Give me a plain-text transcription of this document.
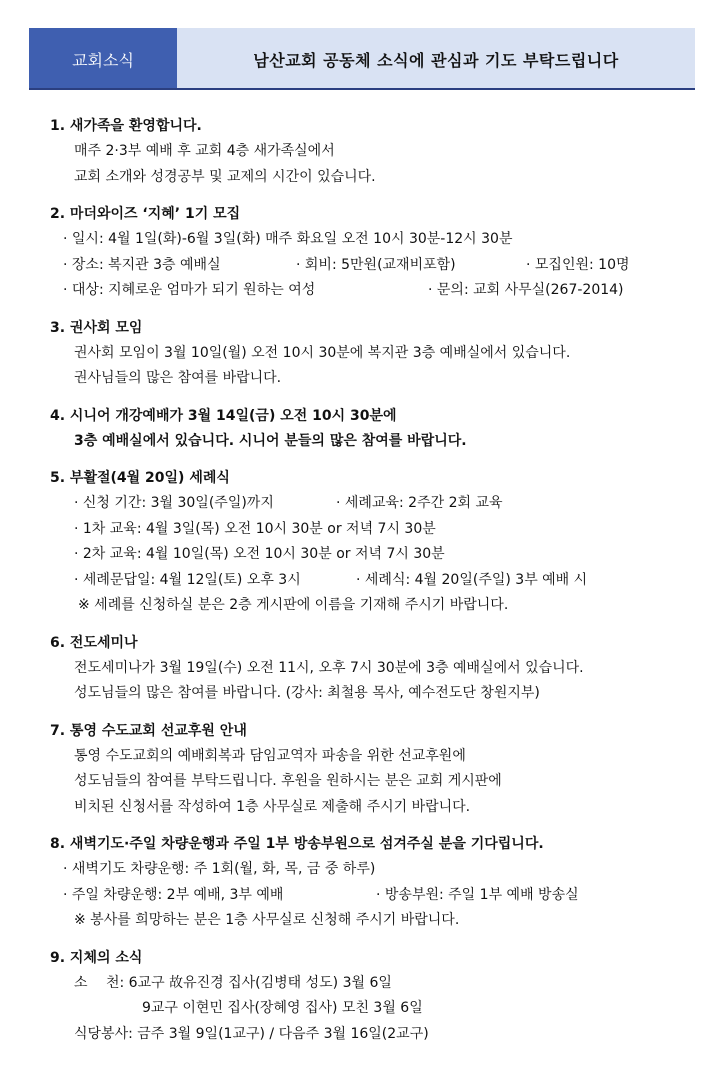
교회소식	남산교회 공동체 소식에 관심과 기도 부탁드립니다
1. 새가족을 환영합니다.
매주 2·3부 예배 후 교회 4층 새가족실에서
교회 소개와 성경공부 및 교제의 시간이 있습니다.
2. 마더와이즈 ‘지혜’ 1기 모집
· 일시: 4월 1일(화)-6월 3일(화) 매주 화요일 오전 10시 30분-12시 30분
· 장소: 복지관 3층 예배실	· 회비: 5만원(교재비포함)	· 모집인원: 10명
· 대상: 지혜로운 엄마가 되기 원하는 여성	· 문의: 교회 사무실(267-2014)
3. 권사회 모임
권사회 모임이 3월 10일(월) 오전 10시 30분에 복지관 3층 예배실에서 있습니다.
권사님들의 많은 참여를 바랍니다.
4. 시니어 개강예배가 3월 14일(금) 오전 10시 30분에
3층 예배실에서 있습니다. 시니어 분들의 많은 참여를 바랍니다.
5. 부활절(4월 20일) 세례식
· 신청 기간: 3월 30일(주일)까지	· 세례교육: 2주간 2회 교육
· 1차 교육: 4월 3일(목) 오전 10시 30분 or 저녁 7시 30분
· 2차 교육: 4월 10일(목) 오전 10시 30분 or 저녁 7시 30분
· 세례문답일: 4월 12일(토) 오후 3시	· 세례식: 4월 20일(주일) 3부 예배 시
※ 세례를 신청하실 분은 2층 게시판에 이름을 기재해 주시기 바랍니다.
6. 전도세미나
전도세미나가 3월 19일(수) 오전 11시, 오후 7시 30분에 3층 예배실에서 있습니다.
성도님들의 많은 참여를 바랍니다. (강사: 최철용 목사, 예수전도단 창원지부)
7. 통영 수도교회 선교후원 안내
통영 수도교회의 예배회복과 담임교역자 파송을 위한 선교후원에
성도님들의 참여를 부탁드립니다. 후원을 원하시는 분은 교회 게시판에
비치된 신청서를 작성하여 1층 사무실로 제출해 주시기 바랍니다.
8. 새벽기도·주일 차량운행과 주일 1부 방송부원으로 섬겨주실 분을 기다립니다.
· 새벽기도 차량운행: 주 1회(월, 화, 목, 금 중 하루)
· 주일 차량운행: 2부 예배, 3부 예배	· 방송부원: 주일 1부 예배 방송실
※ 봉사를 희망하는 분은 1층 사무실로 신청해 주시기 바랍니다.
9. 지체의 소식
소　 천: 6교구 故유진경 집사(김병태 성도) 3월 6일
9교구 이현민 집사(장혜영 집사) 모친 3월 6일
식당봉사: 금주 3월 9일(1교구) / 다음주 3월 16일(2교구)
